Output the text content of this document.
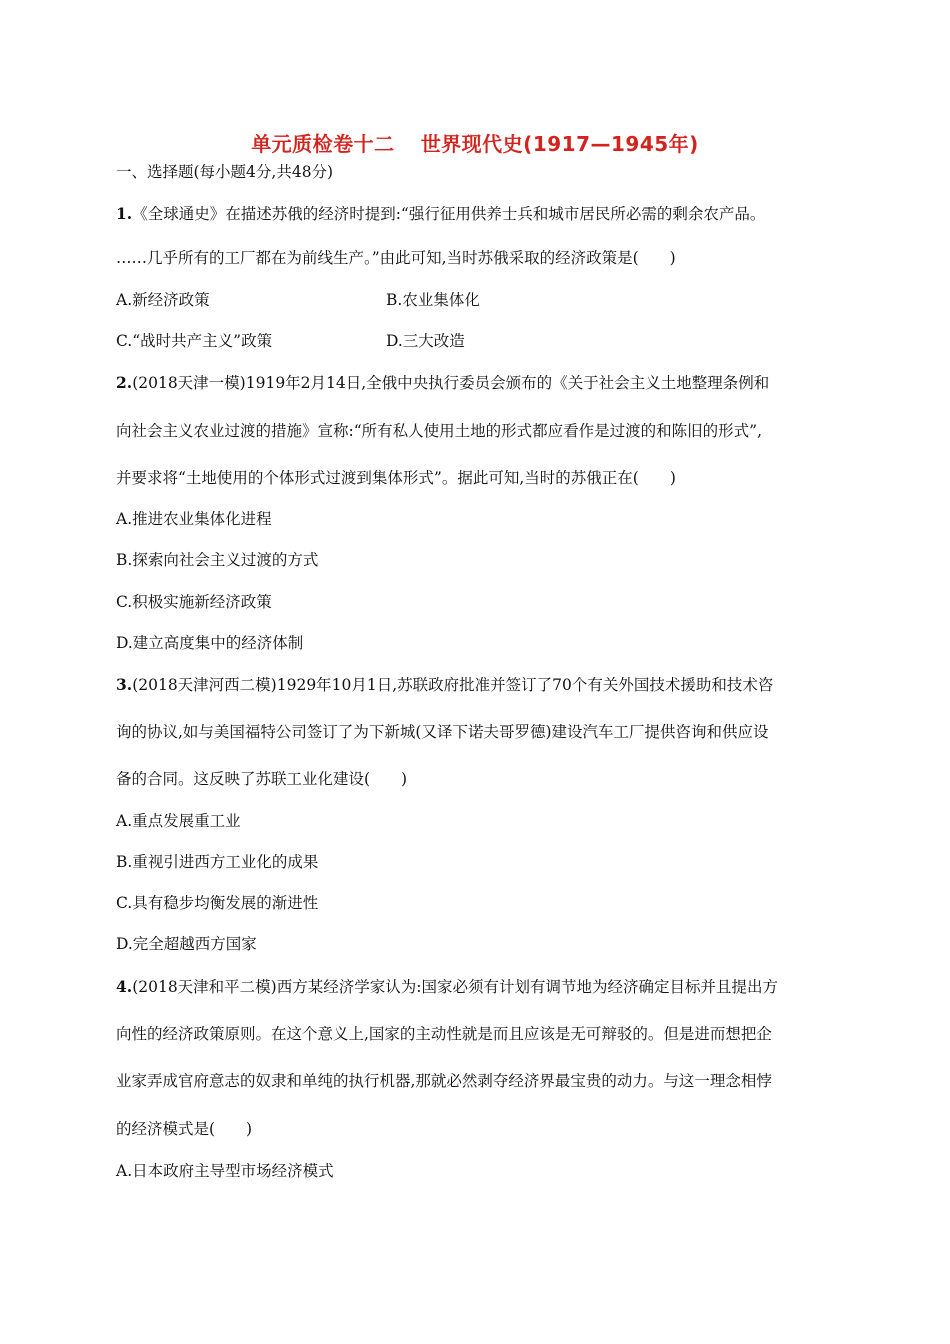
单元质检卷十二 世界现代史(1917—1945年)
一、选择题(每小题4分,共48分)
1.《全球通史》在描述苏俄的经济时提到:“强行征用供养士兵和城市居民所必需的剩余农产品。
……几乎所有的工厂都在为前线生产。”由此可知,当时苏俄采取的经济政策是(　　)
A.新经济政策	B.农业集体化
C.“战时共产主义”政策	D.三大改造
2.(2018天津一模)1919年2月14日,全俄中央执行委员会颁布的《关于社会主义土地整理条例和
向社会主义农业过渡的措施》宣称:“所有私人使用土地的形式都应看作是过渡的和陈旧的形式”,
并要求将“土地使用的个体形式过渡到集体形式”。据此可知,当时的苏俄正在(　　)
A.推进农业集体化进程
B.探索向社会主义过渡的方式
C.积极实施新经济政策
D.建立高度集中的经济体制
3.(2018天津河西二模)1929年10月1日,苏联政府批准并签订了70个有关外国技术援助和技术咨
询的协议,如与美国福特公司签订了为下新城(又译下诺夫哥罗德)建设汽车工厂提供咨询和供应设
备的合同。这反映了苏联工业化建设(　　)
A.重点发展重工业
B.重视引进西方工业化的成果
C.具有稳步均衡发展的渐进性
D.完全超越西方国家
4.(2018天津和平二模)西方某经济学家认为:国家必须有计划有调节地为经济确定目标并且提出方
向性的经济政策原则。在这个意义上,国家的主动性就是而且应该是无可辩驳的。但是进而想把企
业家弄成官府意志的奴隶和单纯的执行机器,那就必然剥夺经济界最宝贵的动力。与这一理念相悖
的经济模式是(　　)
A.日本政府主导型市场经济模式
